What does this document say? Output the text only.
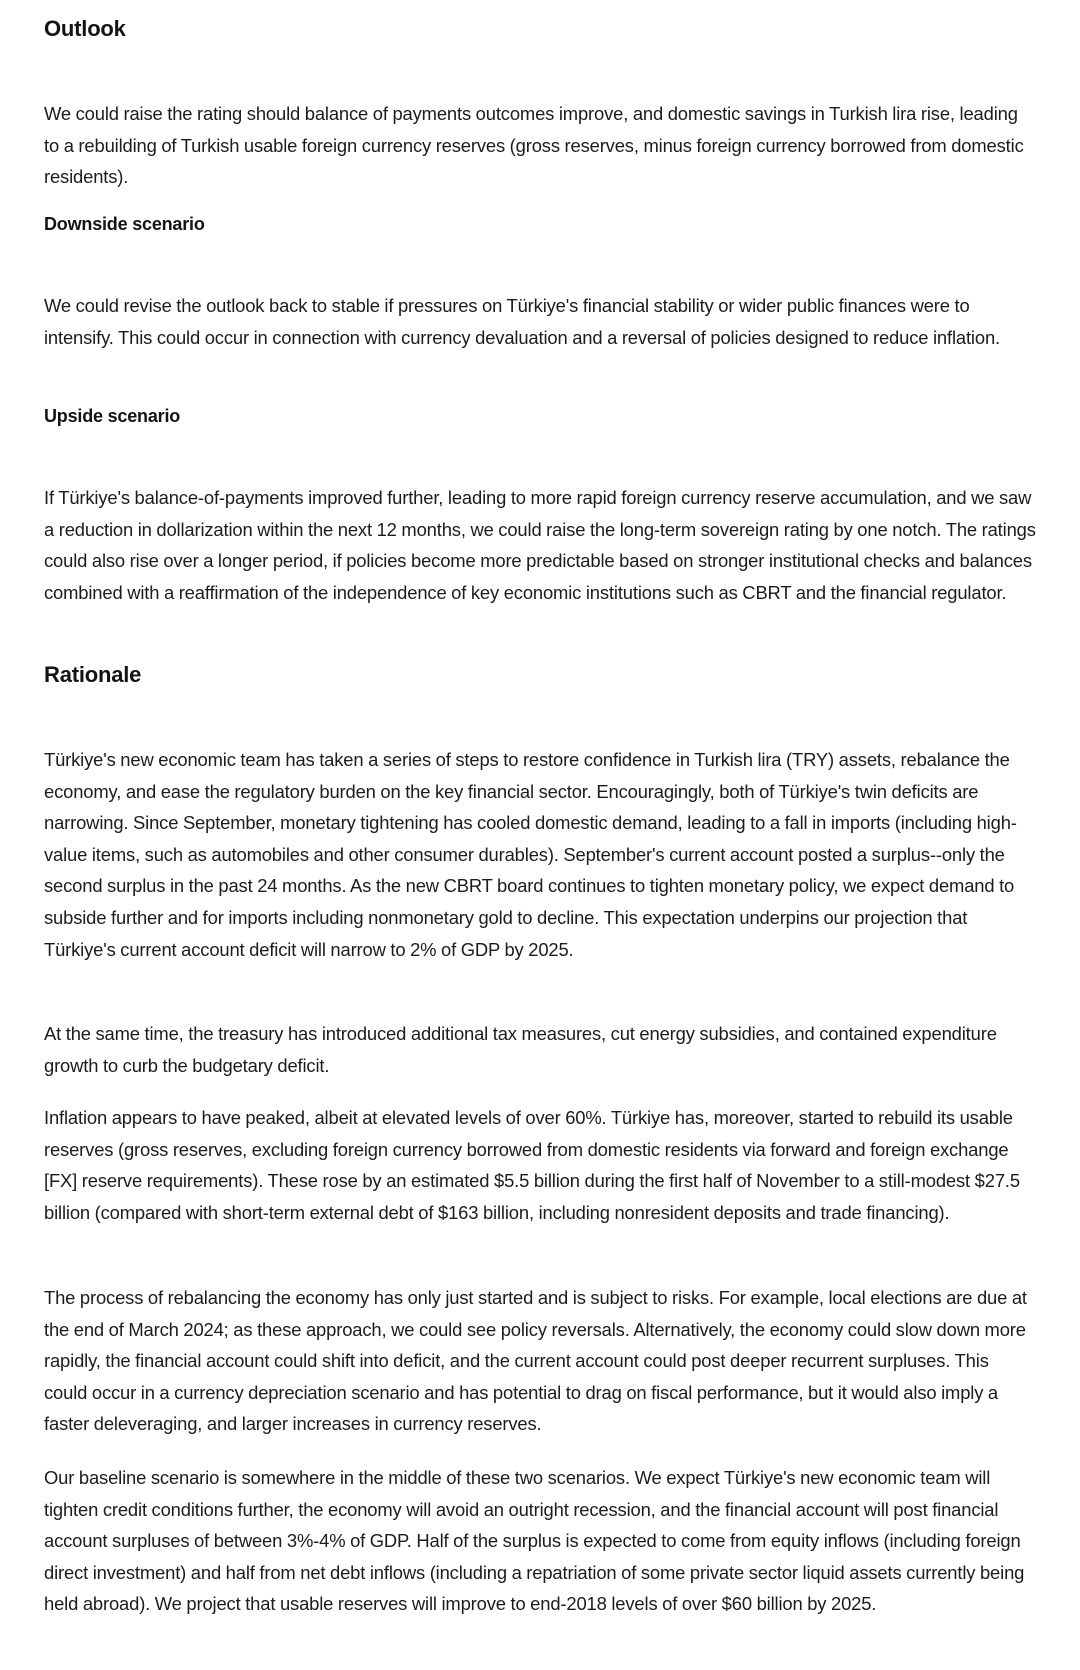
Outlook

We could raise the rating should balance of payments outcomes improve, and domestic savings in Turkish lira rise, leading to a rebuilding of Turkish usable foreign currency reserves (gross reserves, minus foreign currency borrowed from domestic residents).

Downside scenario

We could revise the outlook back to stable if pressures on Türkiye's financial stability or wider public finances were to intensify. This could occur in connection with currency devaluation and a reversal of policies designed to reduce inflation.

Upside scenario

If Türkiye's balance-of-payments improved further, leading to more rapid foreign currency reserve accumulation, and we saw a reduction in dollarization within the next 12 months, we could raise the long-term sovereign rating by one notch. The ratings could also rise over a longer period, if policies become more predictable based on stronger institutional checks and balances combined with a reaffirmation of the independence of key economic institutions such as CBRT and the financial regulator.

Rationale

Türkiye's new economic team has taken a series of steps to restore confidence in Turkish lira (TRY) assets, rebalance the economy, and ease the regulatory burden on the key financial sector. Encouragingly, both of Türkiye's twin deficits are narrowing. Since September, monetary tightening has cooled domestic demand, leading to a fall in imports (including high-value items, such as automobiles and other consumer durables). September's current account posted a surplus--only the second surplus in the past 24 months. As the new CBRT board continues to tighten monetary policy, we expect demand to subside further and for imports including nonmonetary gold to decline. This expectation underpins our projection that Türkiye's current account deficit will narrow to 2% of GDP by 2025.

At the same time, the treasury has introduced additional tax measures, cut energy subsidies, and contained expenditure growth to curb the budgetary deficit.

Inflation appears to have peaked, albeit at elevated levels of over 60%. Türkiye has, moreover, started to rebuild its usable reserves (gross reserves, excluding foreign currency borrowed from domestic residents via forward and foreign exchange [FX] reserve requirements). These rose by an estimated $5.5 billion during the first half of November to a still-modest $27.5 billion (compared with short-term external debt of $163 billion, including nonresident deposits and trade financing).

The process of rebalancing the economy has only just started and is subject to risks. For example, local elections are due at the end of March 2024; as these approach, we could see policy reversals. Alternatively, the economy could slow down more rapidly, the financial account could shift into deficit, and the current account could post deeper recurrent surpluses. This could occur in a currency depreciation scenario and has potential to drag on fiscal performance, but it would also imply a faster deleveraging, and larger increases in currency reserves.

Our baseline scenario is somewhere in the middle of these two scenarios. We expect Türkiye's new economic team will tighten credit conditions further, the economy will avoid an outright recession, and the financial account will post financial account surpluses of between 3%-4% of GDP. Half of the surplus is expected to come from equity inflows (including foreign direct investment) and half from net debt inflows (including a repatriation of some private sector liquid assets currently being held abroad). We project that usable reserves will improve to end-2018 levels of over $60 billion by 2025.
